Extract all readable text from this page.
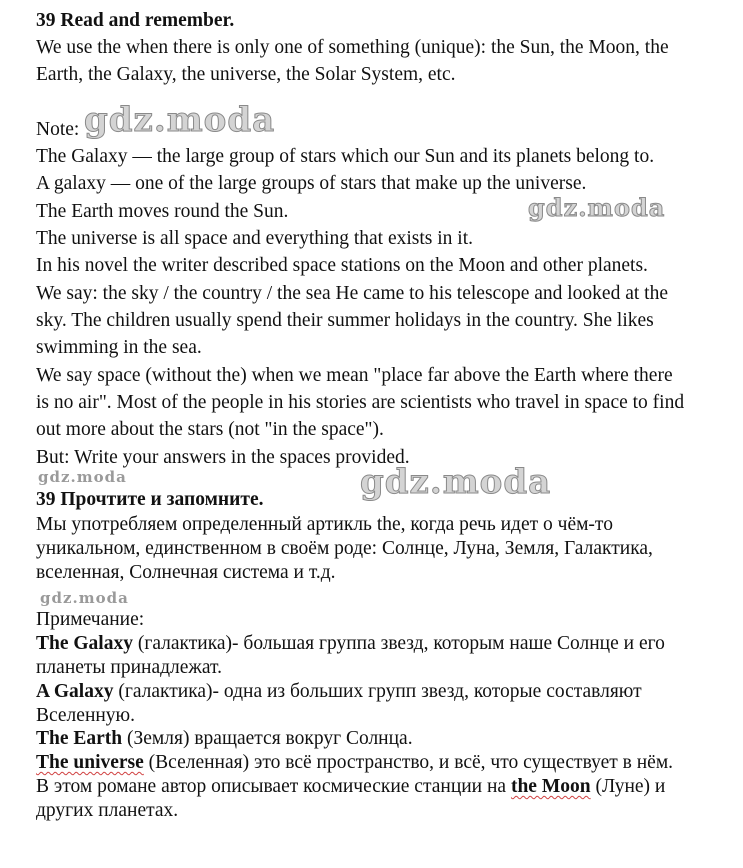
39 Read and remember.
We use the when there is only one of something (unique): the Sun, the Moon, the
Earth, the Galaxy, the universe, the Solar System, etc.
Note:
The Galaxy — the large group of stars which our Sun and its planets belong to.
A galaxy — one of the large groups of stars that make up the universe.
The Earth moves round the Sun.
The universe is all space and everything that exists in it.
In his novel the writer described space stations on the Moon and other planets.
We say: the sky / the country / the sea He came to his telescope and looked at the
sky. The children usually spend their summer holidays in the country. She likes
swimming in the sea.
We say space (without the) when we mean "place far above the Earth where there
is no air". Most of the people in his stories are scientists who travel in space to find
out more about the stars (not "in the space").
But: Write your answers in the spaces provided.
39 Прочтите и запомните.
Мы употребляем определенный артикль the, когда речь идет о чём-то
уникальном, единственном в своём роде: Солнце, Луна, Земля, Галактика,
вселенная, Солнечная система и т.д.
Примечание:
The Galaxy (галактика)- большая группа звезд, которым наше Солнце и его
планеты принадлежат.
A Galaxy (галактика)- одна из больших групп звезд, которые составляют
Вселенную.
The Earth (Земля) вращается вокруг Солнца.
The universe (Вселенная) это всё пространство, и всё, что существует в нём.
В этом романе автор описывает космические станции на the Moon (Луне) и
других планетах.
gdz.moda
gdz.moda
gdz.moda
gdz.moda
gdz.moda
